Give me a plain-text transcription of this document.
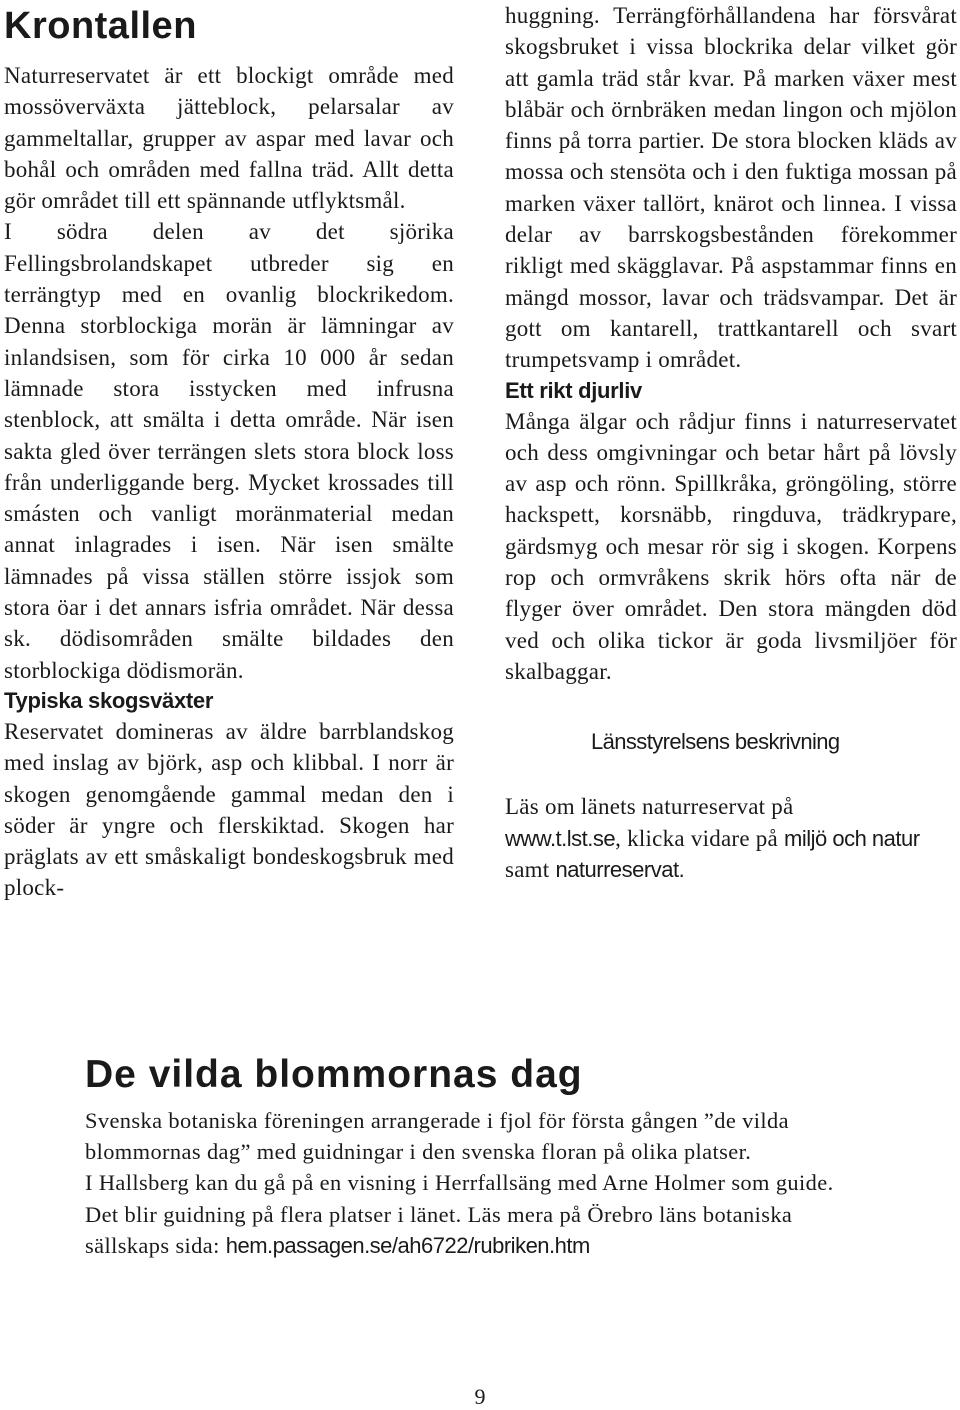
Krontallen

Naturreservatet är ett blockigt område med mossöverväxta jätteblock, pelarsalar av gammeltallar, grupper av aspar med lavar och bohål och områden med fallna träd. Allt detta gör området till ett spännande utflyktsmål.

I södra delen av det sjörika Fellingsbrolandskapet utbreder sig en terrängtyp med en ovanlig blockrikedom. Denna storblockiga morän är lämningar av inlandsisen, som för cirka 10 000 år sedan lämnade stora isstycken med infrusna stenblock, att smälta i detta område. När isen sakta gled över terrängen slets stora block loss från underliggande berg. Mycket krossades till smásten och vanligt moränmaterial medan annat inlagrades i isen. När isen smälte lämnades på vissa ställen större issjok som stora öar i det annars isfria området. När dessa sk. dödisområden smälte bildades den storblockiga dödismorän.

Typiska skogsväxter

Reservatet domineras av äldre barrblandskog med inslag av björk, asp och klibbal. I norr är skogen genomgående gammal medan den i söder är yngre och flerskiktad. Skogen har präglats av ett småskaligt bondeskogsbruk med plock-

huggning. Terrängförhållandena har försvårat skogsbruket i vissa blockrika delar vilket gör att gamla träd står kvar. På marken växer mest blåbär och örnbräken medan lingon och mjölon finns på torra partier. De stora blocken kläds av mossa och stensöta och i den fuktiga mossan på marken växer tallört, knärot och linnea. I vissa delar av barrskogsbestånden förekommer rikligt med skägglavar. På aspstammar finns en mängd mossor, lavar och trädsvampar. Det är gott om kantarell, trattkantarell och svart trumpetsvamp i området.

Ett rikt djurliv

Många älgar och rådjur finns i naturreservatet och dess omgivningar och betar hårt på lövsly av asp och rönn. Spillkråka, gröngöling, större hackspett, korsnäbb, ringduva, trädkrypare, gärdsmyg och mesar rör sig i skogen. Korpens rop och ormvråkens skrik hörs ofta när de flyger över området. Den stora mängden död ved och olika tickor är goda livsmiljöer för skalbaggar.

Länsstyrelsens beskrivning

Läs om länets naturreservat på
www.t.lst.se, klicka vidare på miljö och natur samt naturreservat.

De vilda blommornas dag

Svenska botaniska föreningen arrangerade i fjol för första gången ”de vilda blommornas dag” med guidningar i den svenska floran på olika platser.

I Hallsberg kan du gå på en visning i Herrfallsäng med Arne Holmer som guide.

Det blir guidning på flera platser i länet. Läs mera på Örebro läns botaniska sällskaps sida: hem.passagen.se/ah6722/rubriken.htm

9
